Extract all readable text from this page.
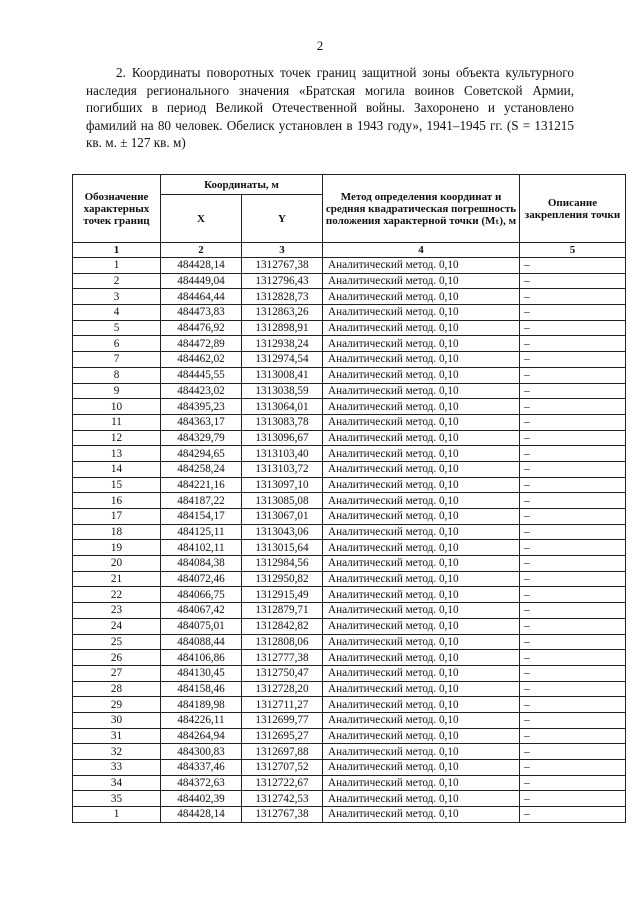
2
2. Координаты поворотных точек границ защитной зоны объекта культурного наследия регионального значения «Братская могила воинов Советской Армии, погибших в период Великой Отечественной войны. Захоронено и установлено фамилий на 80 человек. Обелиск установлен в 1943 году», 1941–1945 гг. (S = 131215 кв. м. ± 127 кв. м)
Обозначение характерных точек границ	Координаты, м		Метод определения координат и средняя квадратическая погрешность положения характерной точки (Mₜ), м	Описание закрепления точки
	X	Y		
1	2	3	4	5
1	484428,14	1312767,38	Аналитический метод. 0,10	–
2	484449,04	1312796,43	Аналитический метод. 0,10	–
3	484464,44	1312828,73	Аналитический метод. 0,10	–
4	484473,83	1312863,26	Аналитический метод. 0,10	–
5	484476,92	1312898,91	Аналитический метод. 0,10	–
6	484472,89	1312938,24	Аналитический метод. 0,10	–
7	484462,02	1312974,54	Аналитический метод. 0,10	–
8	484445,55	1313008,41	Аналитический метод. 0,10	–
9	484423,02	1313038,59	Аналитический метод. 0,10	–
10	484395,23	1313064,01	Аналитический метод. 0,10	–
11	484363,17	1313083,78	Аналитический метод. 0,10	–
12	484329,79	1313096,67	Аналитический метод. 0,10	–
13	484294,65	1313103,40	Аналитический метод. 0,10	–
14	484258,24	1313103,72	Аналитический метод. 0,10	–
15	484221,16	1313097,10	Аналитический метод. 0,10	–
16	484187,22	1313085,08	Аналитический метод. 0,10	–
17	484154,17	1313067,01	Аналитический метод. 0,10	–
18	484125,11	1313043,06	Аналитический метод. 0,10	–
19	484102,11	1313015,64	Аналитический метод. 0,10	–
20	484084,38	1312984,56	Аналитический метод. 0,10	–
21	484072,46	1312950,82	Аналитический метод. 0,10	–
22	484066,75	1312915,49	Аналитический метод. 0,10	–
23	484067,42	1312879,71	Аналитический метод. 0,10	–
24	484075,01	1312842,82	Аналитический метод. 0,10	–
25	484088,44	1312808,06	Аналитический метод. 0,10	–
26	484106,86	1312777,38	Аналитический метод. 0,10	–
27	484130,45	1312750,47	Аналитический метод. 0,10	–
28	484158,46	1312728,20	Аналитический метод. 0,10	–
29	484189,98	1312711,27	Аналитический метод. 0,10	–
30	484226,11	1312699,77	Аналитический метод. 0,10	–
31	484264,94	1312695,27	Аналитический метод. 0,10	–
32	484300,83	1312697,88	Аналитический метод. 0,10	–
33	484337,46	1312707,52	Аналитический метод. 0,10	–
34	484372,63	1312722,67	Аналитический метод. 0,10	–
35	484402,39	1312742,53	Аналитический метод. 0,10	–
1	484428,14	1312767,38	Аналитический метод. 0,10	–
